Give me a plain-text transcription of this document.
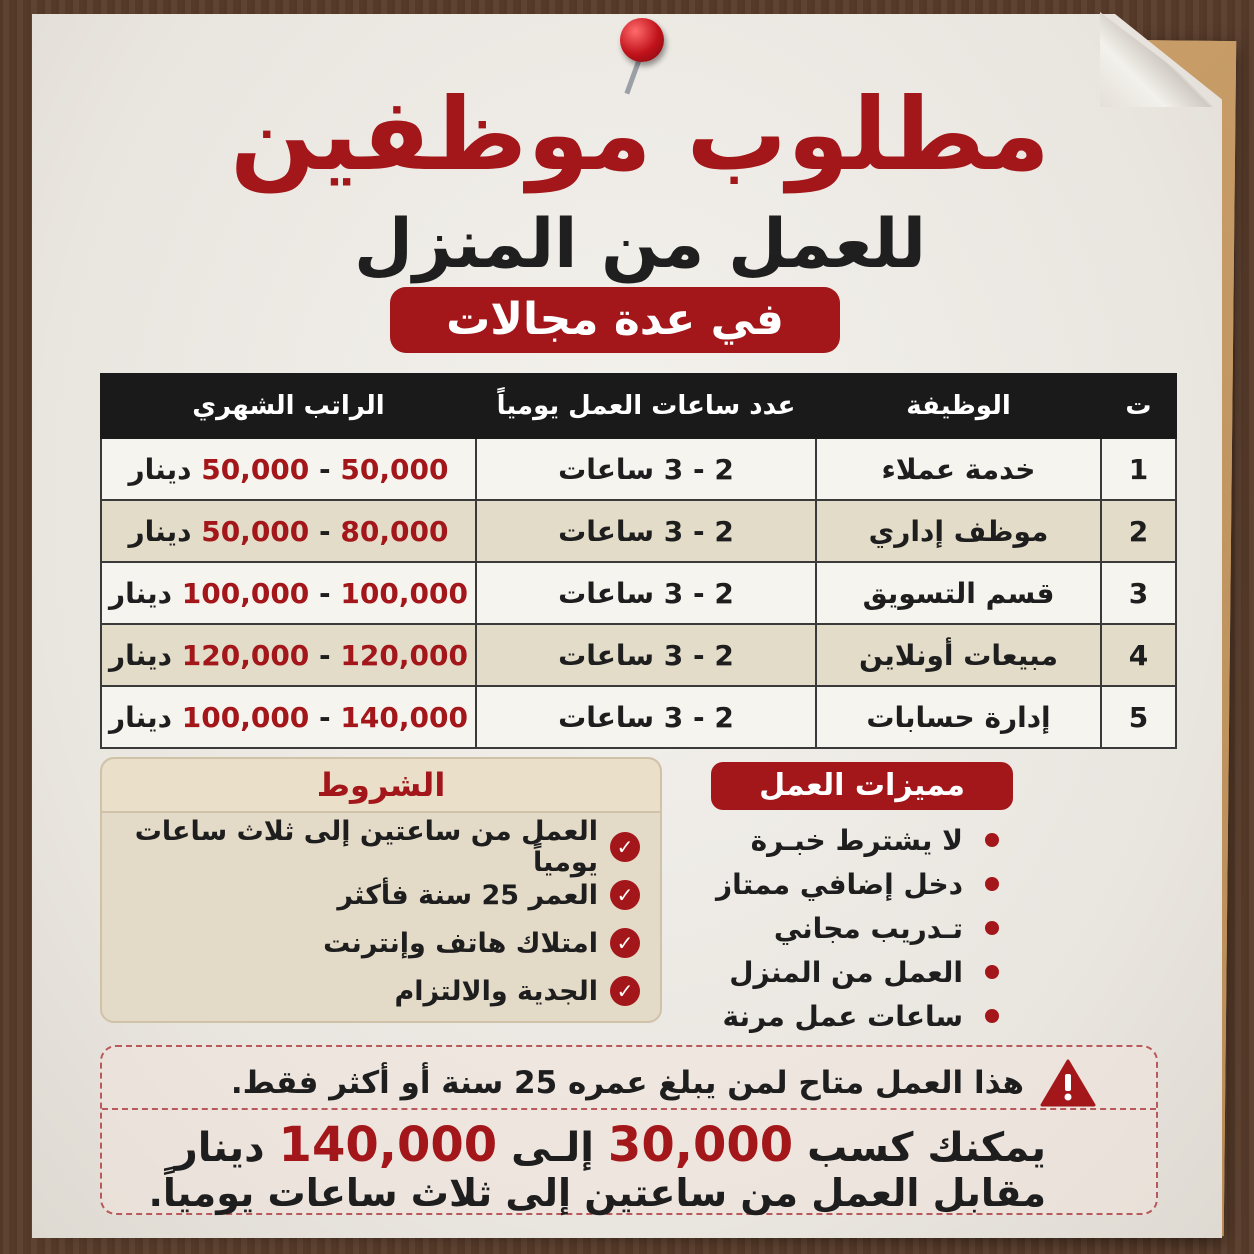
مطلوب موظفين
للعمل من المنزل
في عدة مجالات
ت	الوظيفة	عدد ساعات العمل يومياً	الراتب الشهري
1	خدمة عملاء	2 - 3 ساعات	50,000 - 50,000 دينار
2	موظف إداري	2 - 3 ساعات	80,000 - 50,000 دينار
3	قسم التسويق	2 - 3 ساعات	100,000 - 100,000 دينار
4	مبيعات أونلاين	2 - 3 ساعات	120,000 - 120,000 دينار
5	إدارة حسابات	2 - 3 ساعات	140,000 - 100,000 دينار
الشروط
✓
العمل من ساعتين إلى ثلاث ساعات يومياً
✓
العمر 25 سنة فأكثر
✓
امتلاك هاتف وإنترنت
✓
الجدية والالتزام
مميزات العمل
لا يشترط خبـرة
دخل إضافي ممتاز
تـدريب مجاني
العمل من المنزل
ساعات عمل مرنة
هذا العمل متاح لمن يبلغ عمره 25 سنة أو أكثر فقط.
يمكنك كسب 30,000 إلـى 140,000 دينار
مقابل العمل من ساعتين إلى ثلاث ساعات يومياً.
